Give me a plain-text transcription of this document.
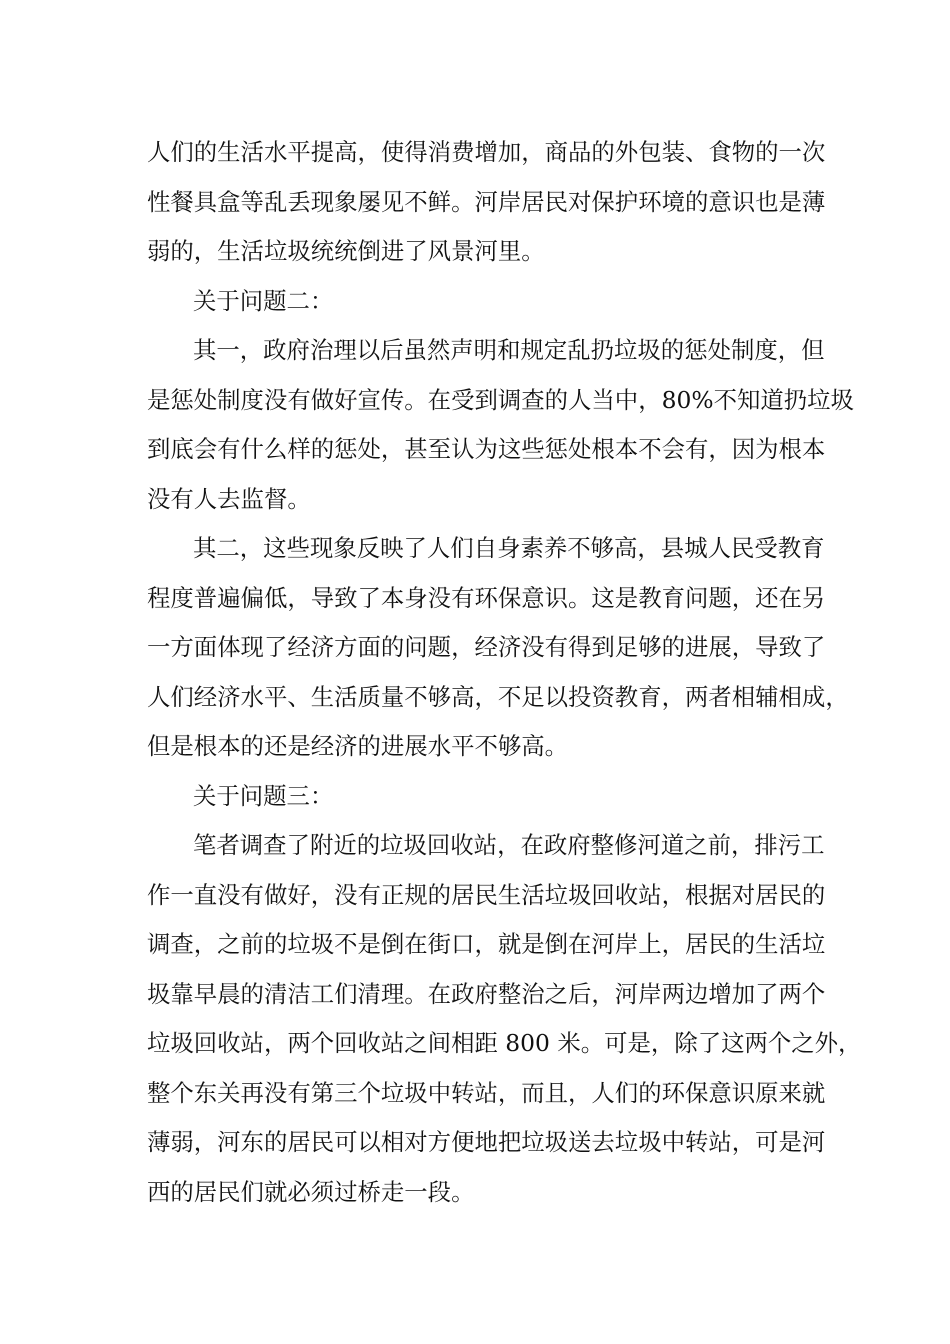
人们的生活水平提高，使得消费增加，商品的外包装、食物的一次
性餐具盒等乱丢现象屡见不鲜。河岸居民对保护环境的意识也是薄
弱的，生活垃圾统统倒进了风景河里。
关于问题二：
其一，政府治理以后虽然声明和规定乱扔垃圾的惩处制度，但
是惩处制度没有做好宣传。在受到调查的人当中，80%不知道扔垃圾
到底会有什么样的惩处，甚至认为这些惩处根本不会有，因为根本
没有人去监督。
其二，这些现象反映了人们自身素养不够高，县城人民受教育
程度普遍偏低，导致了本身没有环保意识。这是教育问题，还在另
一方面体现了经济方面的问题，经济没有得到足够的进展，导致了
人们经济水平、生活质量不够高，不足以投资教育，两者相辅相成，
但是根本的还是经济的进展水平不够高。
关于问题三：
笔者调查了附近的垃圾回收站，在政府整修河道之前，排污工
作一直没有做好，没有正规的居民生活垃圾回收站，根据对居民的
调查，之前的垃圾不是倒在街口，就是倒在河岸上，居民的生活垃
圾靠早晨的清洁工们清理。在政府整治之后，河岸两边增加了两个
垃圾回收站，两个回收站之间相距 800 米。可是，除了这两个之外，
整个东关再没有第三个垃圾中转站，而且，人们的环保意识原来就
薄弱，河东的居民可以相对方便地把垃圾送去垃圾中转站，可是河
西的居民们就必须过桥走一段。
